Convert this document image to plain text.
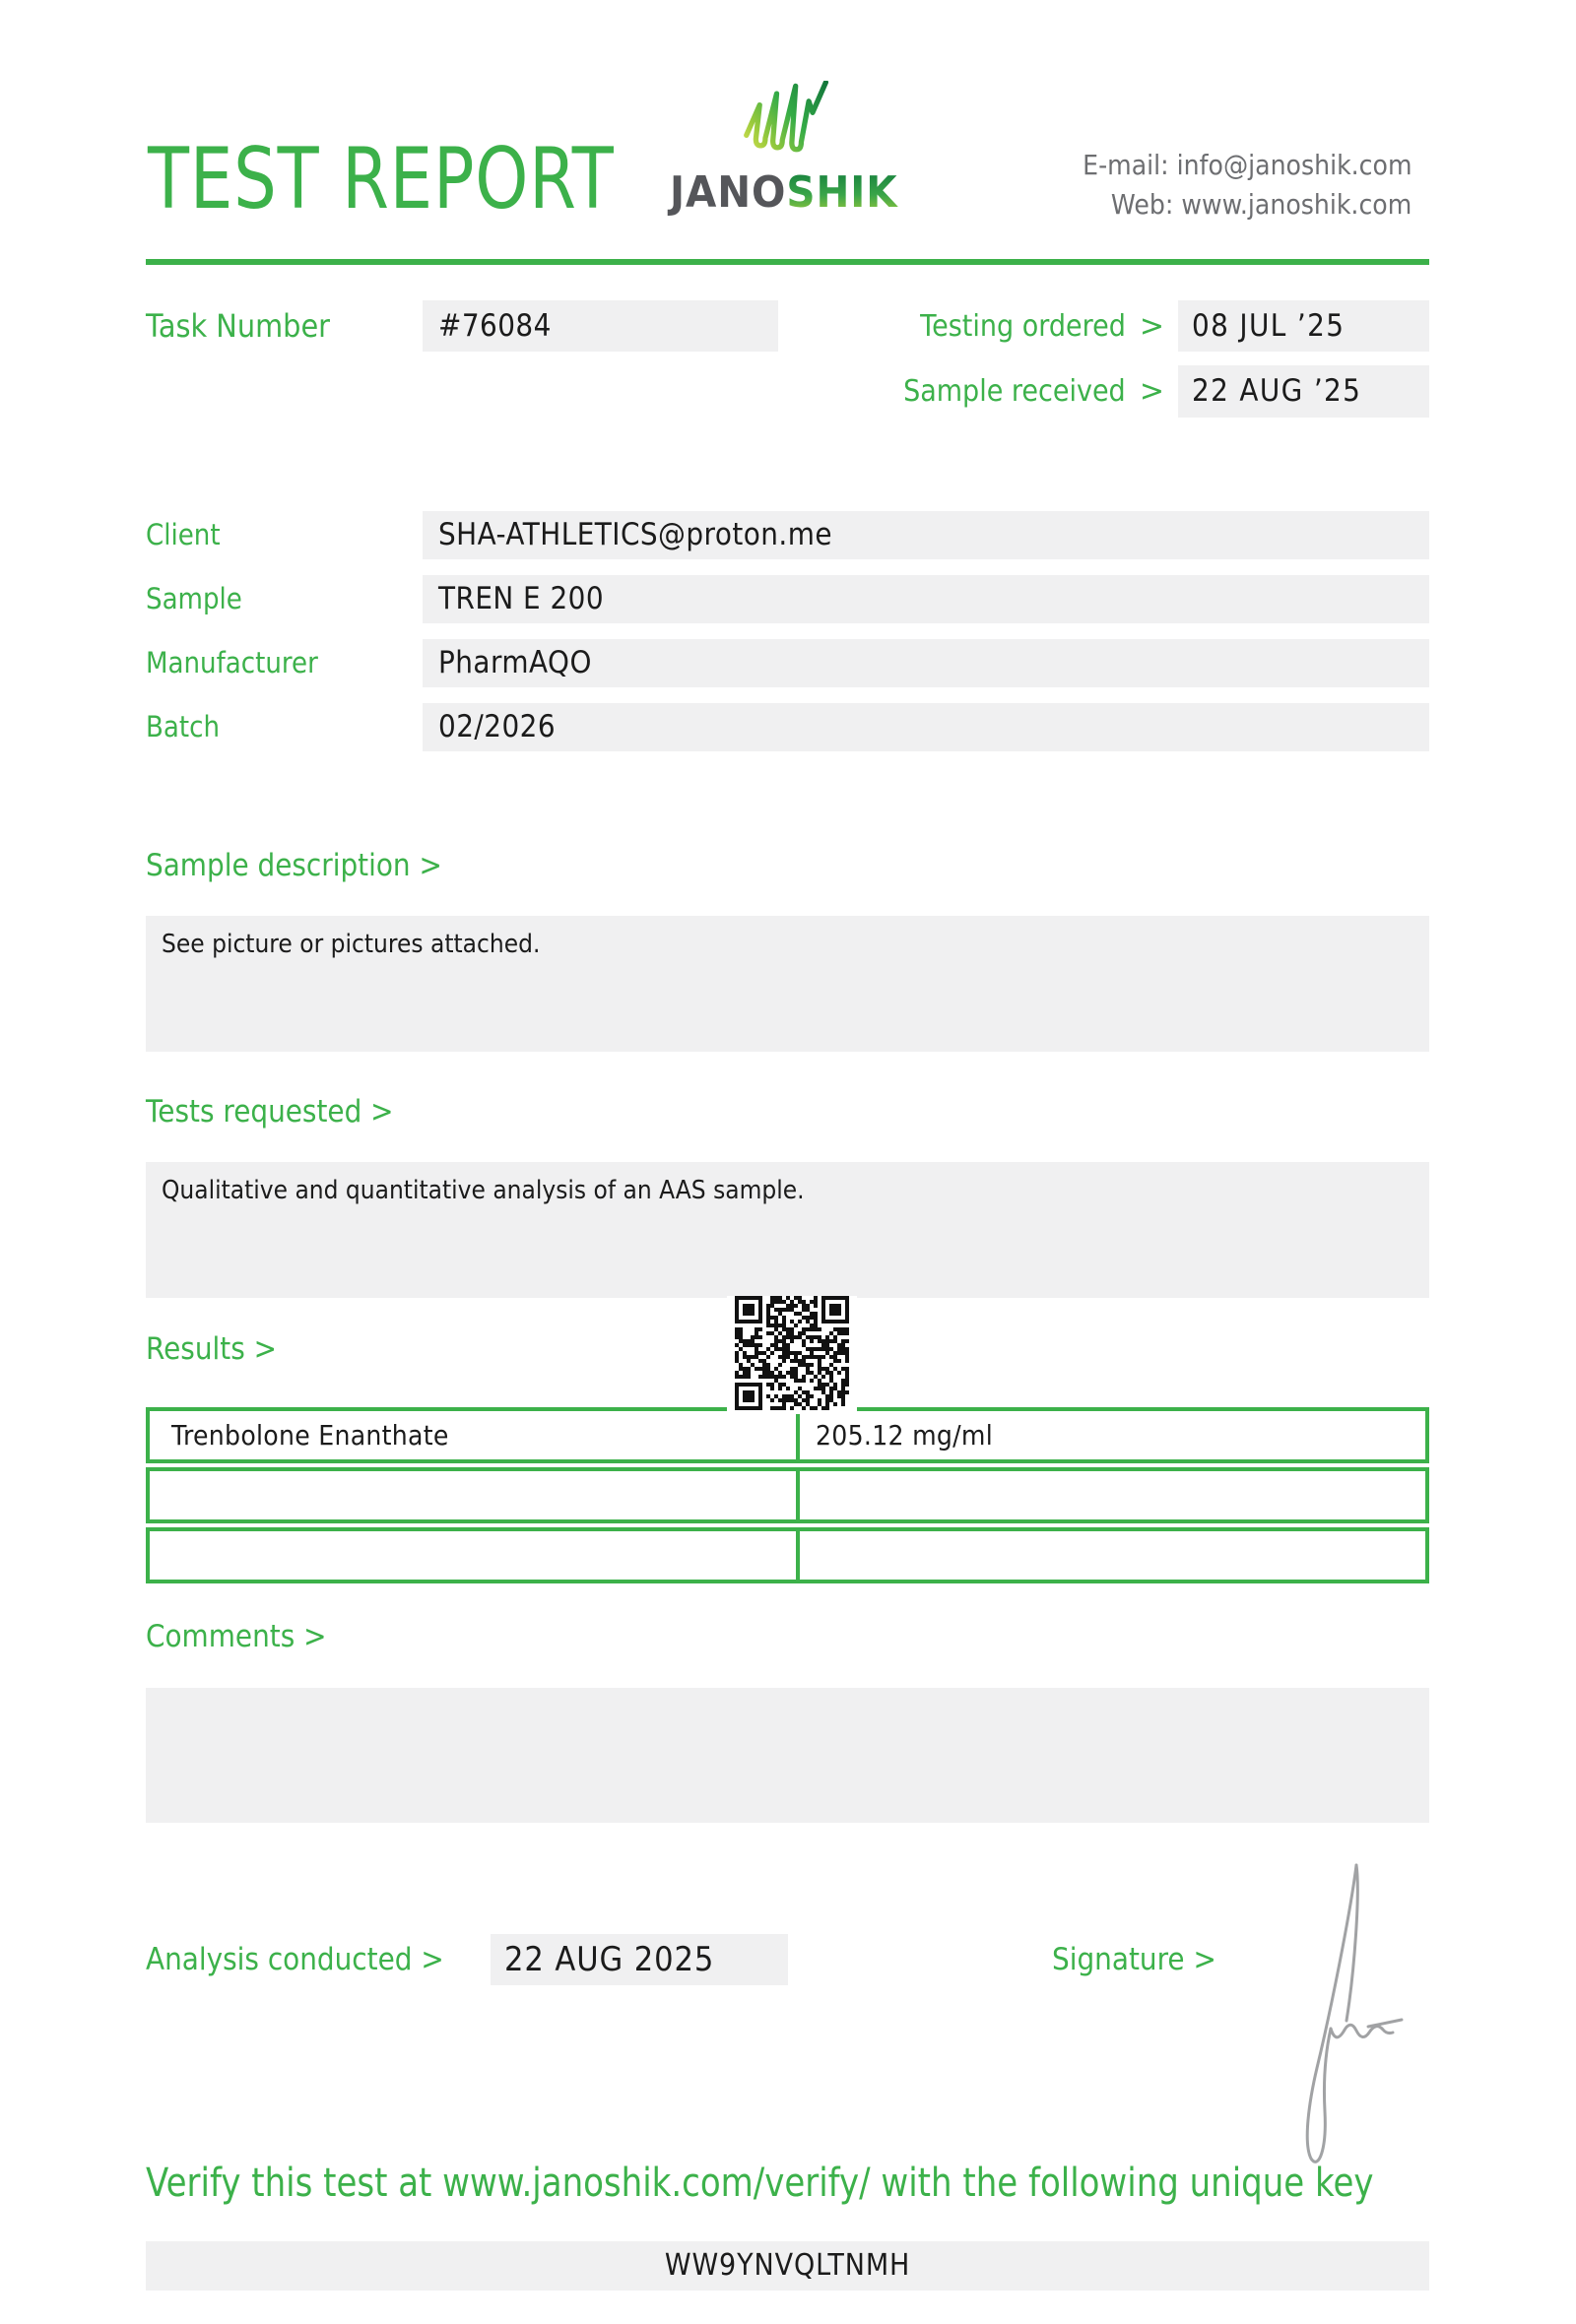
TEST REPORT	JANOSHIK
E-mail: info@janoshik.com
Web: www.janoshik.com
Task Number	#76084	Testing ordered > 08 JUL ’25
Sample received > 22 AUG ’25
Client	SHA-ATHLETICS@proton.me
Sample	TREN E 200
Manufacturer	PharmAQO
Batch	02/2026
Sample description >
See picture or pictures attached.
Tests requested >
Qualitative and quantitative analysis of an AAS sample.
Results >
Trenbolone Enanthate	205.12 mg/ml
Comments >
Analysis conducted >	22 AUG 2025	Signature >
Verify this test at www.janoshik.com/verify/ with the following unique key
WW9YNVQLTNMH
